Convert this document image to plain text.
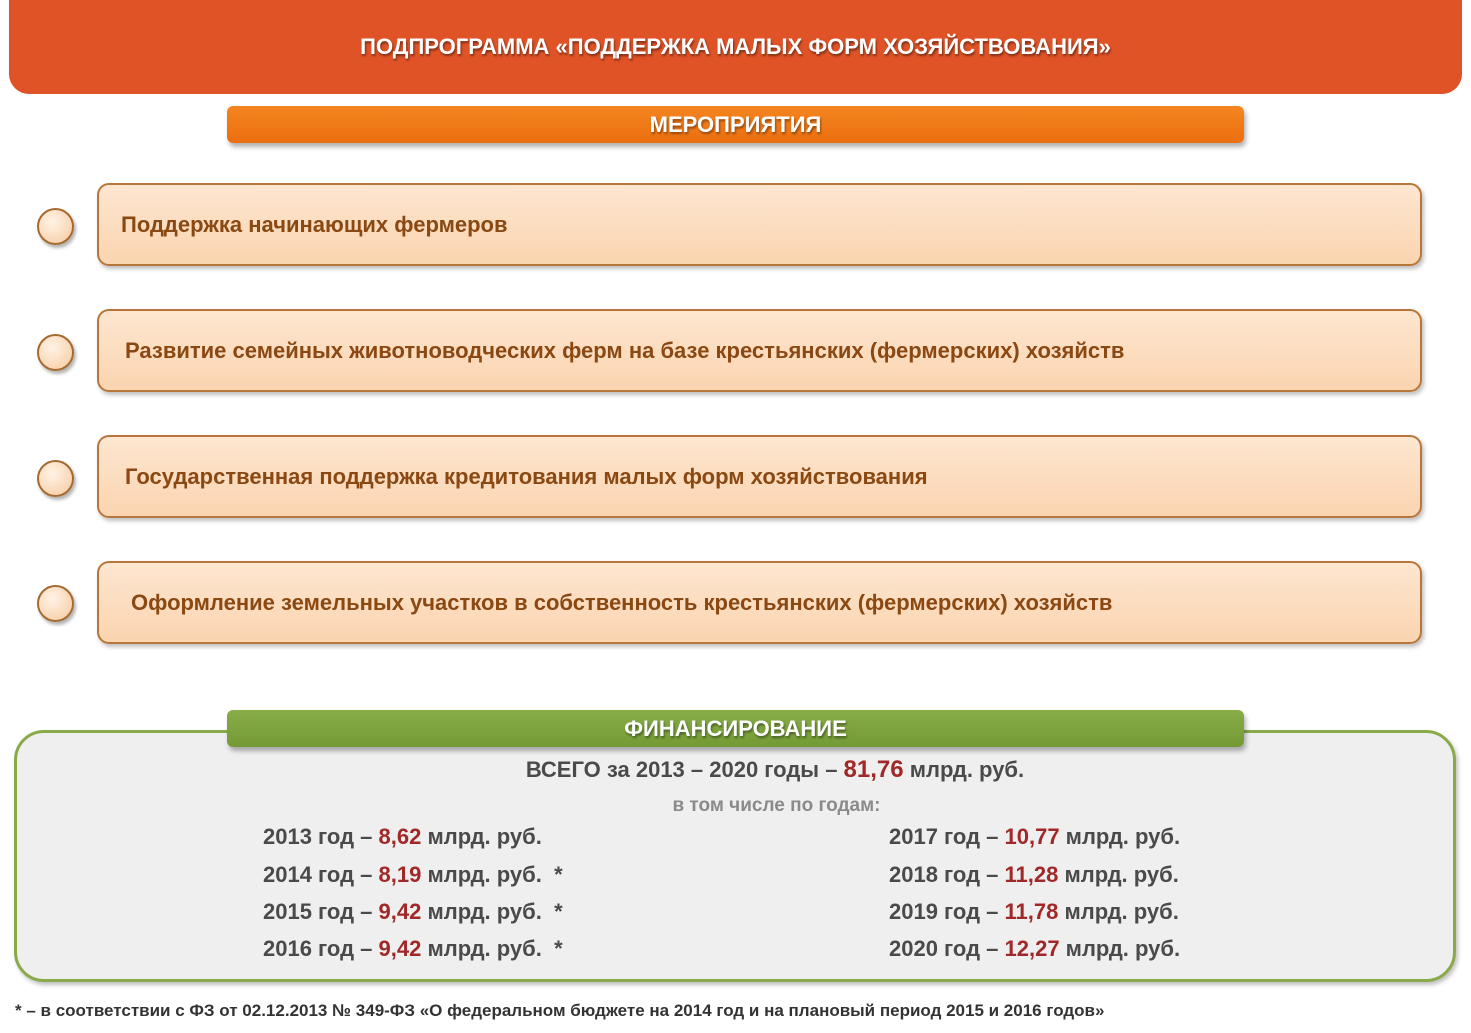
ПОДПРОГРАММА «ПОДДЕРЖКА МАЛЫХ ФОРМ ХОЗЯЙСТВОВАНИЯ»
МЕРОПРИЯТИЯ
Поддержка начинающих фермеров
Развитие семейных животноводческих ферм на базе крестьянских (фермерских) хозяйств
Государственная поддержка кредитования малых форм хозяйствования
Оформление земельных участков в собственность крестьянских (фермерских) хозяйств
ФИНАНСИРОВАНИЕ
ВСЕГО за 2013 – 2020 годы – 81,76 млрд. руб.
в том числе по годам:
2013 год – 8,62 млрд. руб.
2014 год – 8,19 млрд. руб.  *
2015 год – 9,42 млрд. руб.  *
2016 год – 9,42 млрд. руб.  *
2017 год – 10,77 млрд. руб.
2018 год – 11,28 млрд. руб.
2019 год – 11,78 млрд. руб.
2020 год – 12,27 млрд. руб.
* – в соответствии с ФЗ от 02.12.2013 № 349-ФЗ «О федеральном бюджете на 2014 год и на плановый период 2015 и 2016 годов»
